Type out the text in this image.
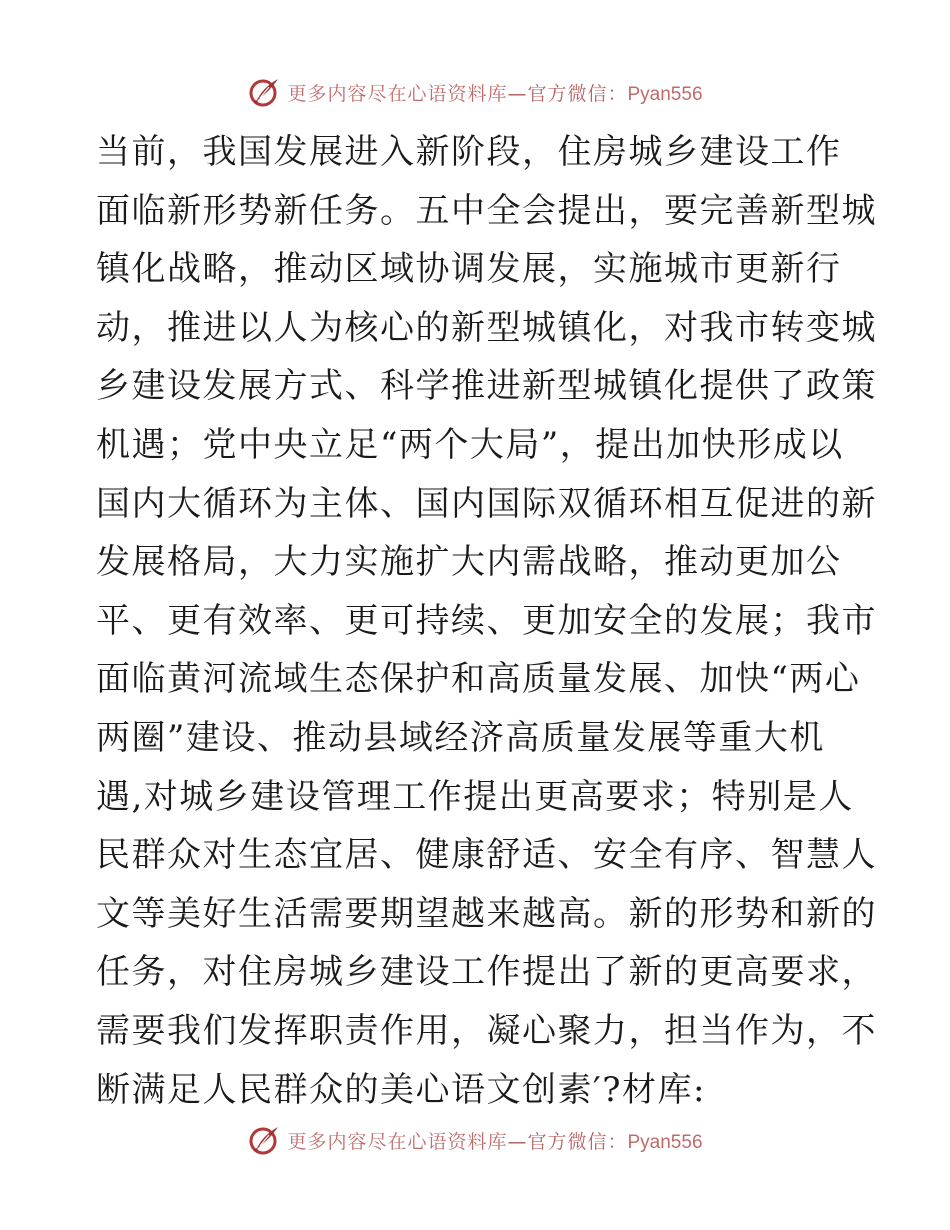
更多内容尽在心语资料库—官方微信：Pyan556
当前，我国发展进入新阶段，住房城乡建设工作
面临新形势新任务。五中全会提出，要完善新型城
镇化战略，推动区域协调发展，实施城市更新行
动，推进以人为核心的新型城镇化，对我市转变城
乡建设发展方式、科学推进新型城镇化提供了政策
机遇；党中央立足“两个大局”，提出加快形成以
国内大循环为主体、国内国际双循环相互促进的新
发展格局，大力实施扩大内需战略，推动更加公
平、更有效率、更可持续、更加安全的发展；我市
面临黄河流域生态保护和高质量发展、加快“两心
两圈”建设、推动县域经济高质量发展等重大机
遇,对城乡建设管理工作提出更高要求；特别是人
民群众对生态宜居、健康舒适、安全有序、智慧人
文等美好生活需要期望越来越高。新的形势和新的
任务，对住房城乡建设工作提出了新的更高要求，
需要我们发挥职责作用，凝心聚力，担当作为，不
断满足人民群众的美心语文创素′?材库:
更多内容尽在心语资料库—官方微信：Pyan556
